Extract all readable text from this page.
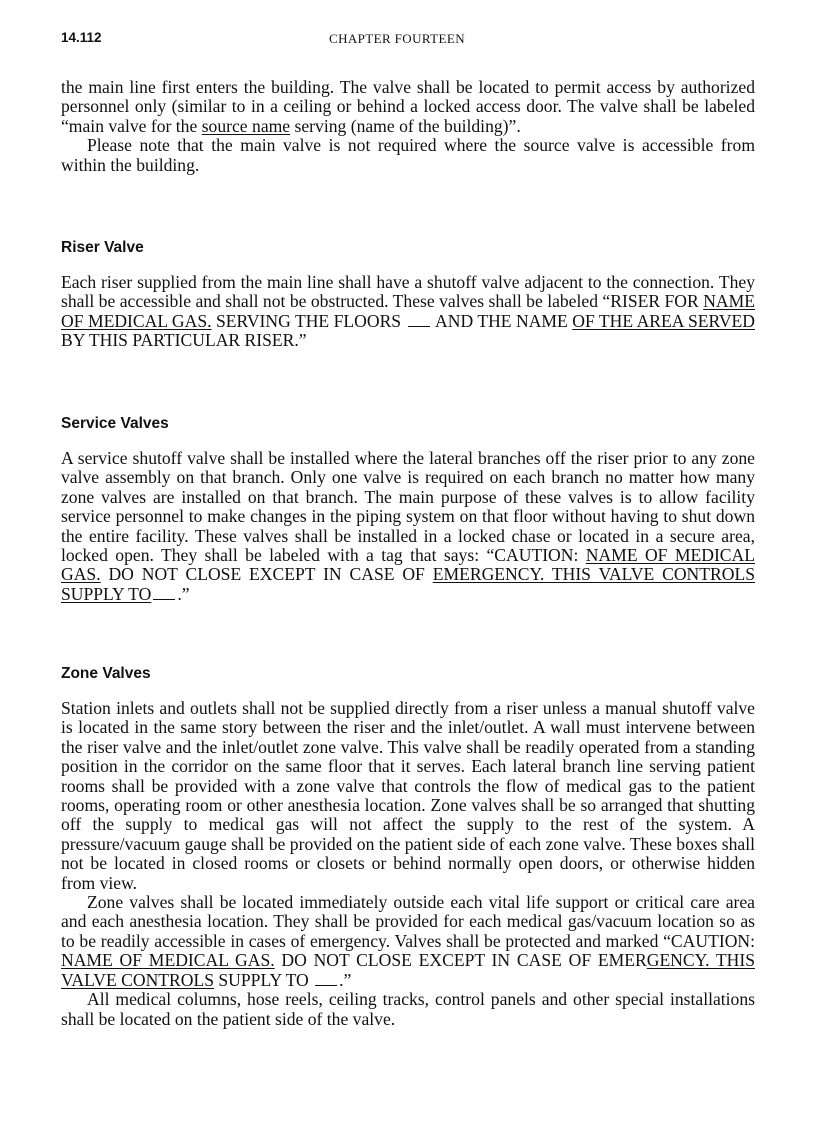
14.112	CHAPTER FOURTEEN

the main line first enters the building. The valve shall be located to permit access by authorized personnel only (similar to in a ceiling or behind a locked access door. The valve shall be labeled “main valve for the source name serving (name of the building)”.

Please note that the main valve is not required where the source valve is accessible from within the building.

Riser Valve

Each riser supplied from the main line shall have a shutoff valve adjacent to the connection. They shall be accessible and shall not be obstructed. These valves shall be labeled “RISER FOR NAME OF MEDICAL GAS. SERVING THE FLOORS  AND THE NAME OF THE AREA SERVED BY THIS PARTICULAR RISER.”

Service Valves

A service shutoff valve shall be installed where the lateral branches off the riser prior to any zone valve assembly on that branch. Only one valve is required on each branch no matter how many zone valves are installed on that branch. The main purpose of these valves is to allow facility service personnel to make changes in the piping system on that floor without having to shut down the entire facility. These valves shall be installed in a locked chase or located in a secure area, locked open. They shall be labeled with a tag that says: “CAUTION: NAME OF MEDICAL GAS. DO NOT CLOSE EXCEPT IN CASE OF EMERGENCY. THIS VALVE CONTROLS SUPPLY TO .”

Zone Valves

Station inlets and outlets shall not be supplied directly from a riser unless a manual shutoff valve is located in the same story between the riser and the inlet/outlet. A wall must intervene between the riser valve and the inlet/outlet zone valve. This valve shall be readily operated from a standing position in the corridor on the same floor that it serves. Each lateral branch line serving patient rooms shall be provided with a zone valve that controls the flow of medical gas to the patient rooms, operating room or other anesthesia location. Zone valves shall be so arranged that shutting off the supply to medical gas will not affect the supply to the rest of the system. A pressure/vacuum gauge shall be provided on the patient side of each zone valve. These boxes shall not be located in closed rooms or closets or behind normally open doors, or otherwise hidden from view.

Zone valves shall be located immediately outside each vital life support or critical care area and each anesthesia location. They shall be provided for each medical gas/vacuum location so as to be readily accessible in cases of emergency. Valves shall be protected and marked “CAUTION: NAME OF MEDICAL GAS. DO NOT CLOSE EXCEPT IN CASE OF EMERGENCY. THIS VALVE CONTROLS SUPPLY TO .”

All medical columns, hose reels, ceiling tracks, control panels and other special installations shall be located on the patient side of the valve.
